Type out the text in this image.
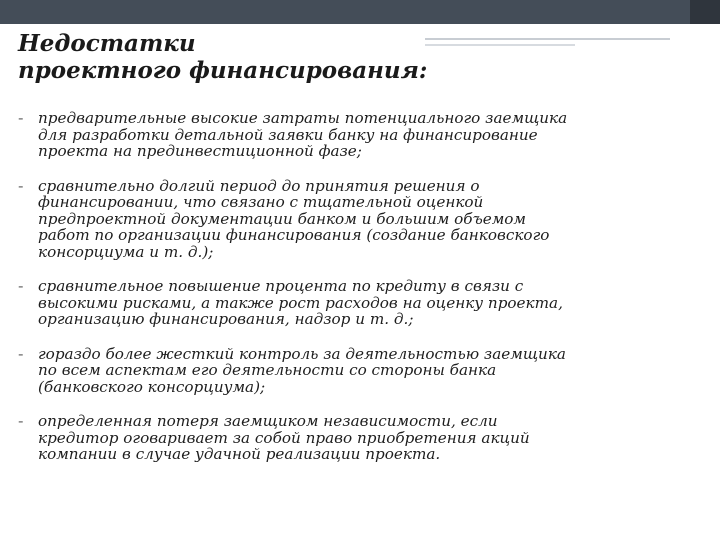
Недостатки
проектного финансирования:
- предварительные высокие затраты потенциального заемщика
для разработки детальной заявки банку на финансирование
проекта на прединвестиционной фазе;
- сравнительно долгий период до принятия решения о
финансировании, что связано с тщательной оценкой
предпроектной документации банком и большим объемом
работ по организации финансирования (создание банковского
консорциума и т. д.);
- сравнительное повышение процента по кредиту в связи с
высокими рисками, а также рост расходов на оценку проекта,
организацию финансирования, надзор и т. д.;
- гораздо более жесткий контроль за деятельностью заемщика
по всем аспектам его деятельности со стороны банка
(банковского консорциума);
- определенная потеря заемщиком независимости, если
кредитор оговаривает за собой право приобретения акций
компании в случае удачной реализации проекта.
